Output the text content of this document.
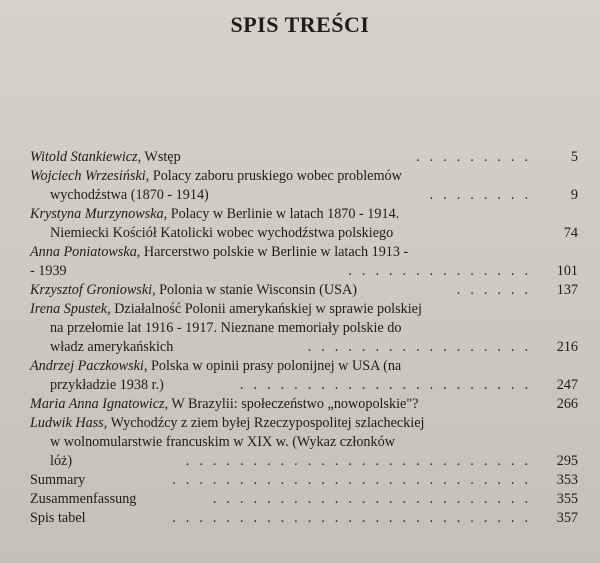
SPIS TREŚCI
Witold Stankiewicz, Wstęp	.........	5
Wojciech Wrzesiński, Polacy zaboru pruskiego wobec problemów
wychodźstwa (1870 - 1914)	........	9
Krystyna Murzynowska, Polacy w Berlinie w latach 1870 - 1914.
Niemiecki Kościół Katolicki wobec wychodźstwa polskiego	74
Anna Poniatowska, Harcerstwo polskie w Berlinie w latach 1913 -
- 1939	..............	101
Krzysztof Groniowski, Polonia w stanie Wisconsin (USA)	......	137
Irena Spustek, Działalność Polonii amerykańskiej w sprawie polskiej
na przełomie lat 1916 - 1917. Nieznane memoriały polskie do
władz amerykańskich	.................	216
Andrzej Paczkowski, Polska w opinii prasy polonijnej w USA (na
przykładzie 1938 r.)	......................	247
Maria Anna Ignatowicz, W Brazylii: społeczeństwo „nowopolskie"?	266
Ludwik Hass, Wychodźcy z ziem byłej Rzeczypospolitej szlacheckiej
w wolnomularstwie francuskim w XIX w. (Wykaz członków
lóż)	..........................	295
Summary	...........................	353
Zusammenfassung	........................	355
Spis tabel	...........................	357
